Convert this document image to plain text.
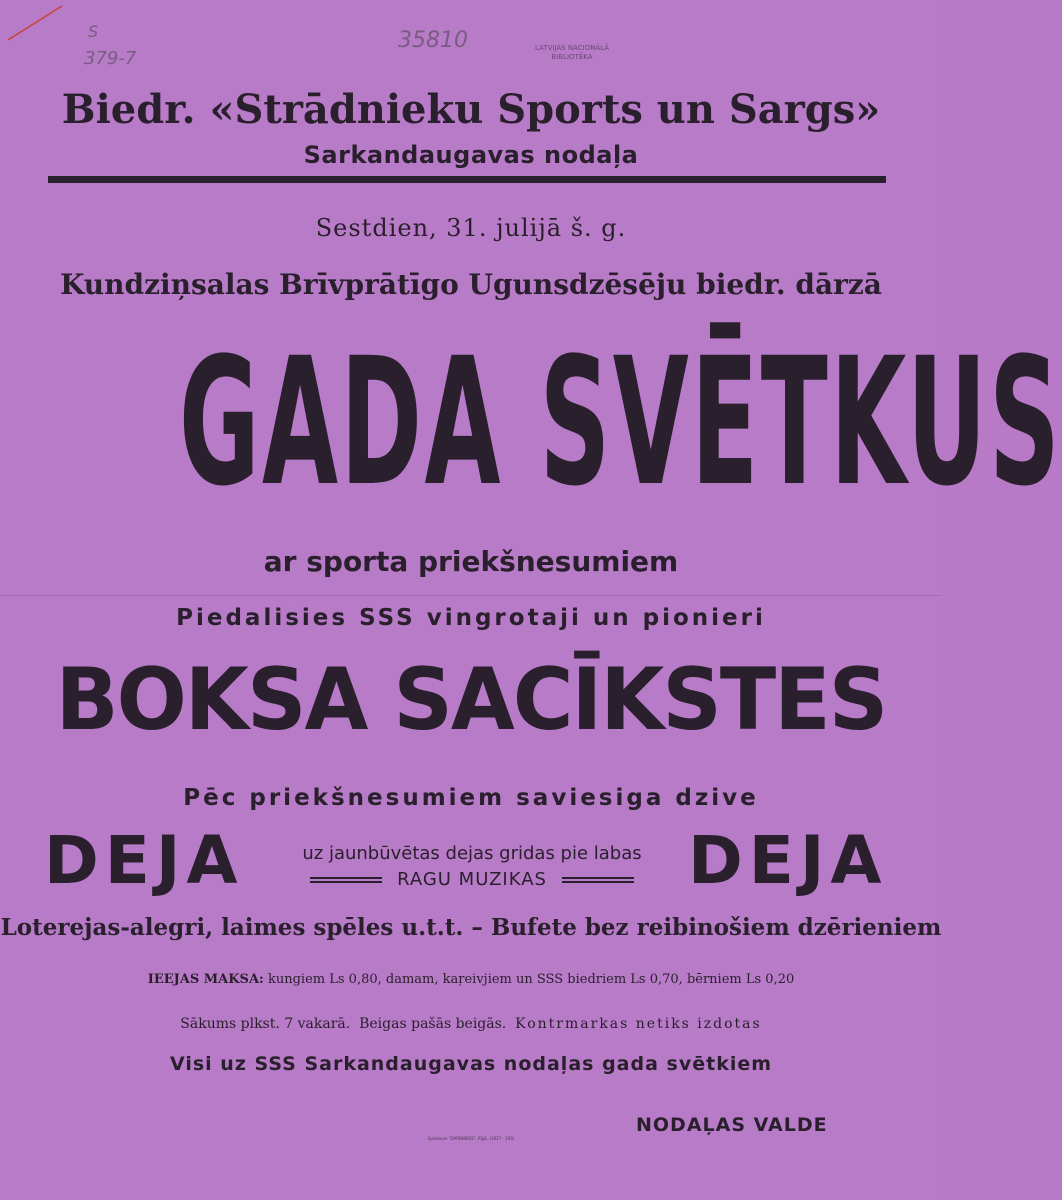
S
379-7
35810	LATVIJAS NACIONĀLĀ
BIBLIOTĒKA
Biedr. «Strādnieku Sports un Sargs»
Sarkandaugavas nodaļa
Sestdien, 31. julijā š. g.
Kundziņsalas Brīvprātīgo Ugunsdzēsēju biedr. dārzā
GADA SVĒTKUS
ar sporta priekšnesumiem
Piedalisies SSS vingrotaji un pionieri
BOKSA SACĪKSTES
Pēc priekšnesumiem saviesiga dzive
DEJA	DEJA
uz jaunbūvētas dejas gridas pie labas
RAGU MUZIKAS
Loterejas-alegri, laimes spēles u.t.t. – Bufete bez reibinošiem dzērieniem
IEEJAS MAKSA: kungiem Ls 0,80, damam, kaŗeivjiem un SSS biedriem Ls 0,70, bērniem Ls 0,20
Sākums plkst. 7 vakarā. Beigas pašās beigās. Kontrmarkas netiks izdotas
Visi uz SSS Sarkandaugavas nodaļas gada svētkiem
Spiestuve "DARBNIEKS", Rīgā. (1937 - 193)
NODAĻAS VALDE
